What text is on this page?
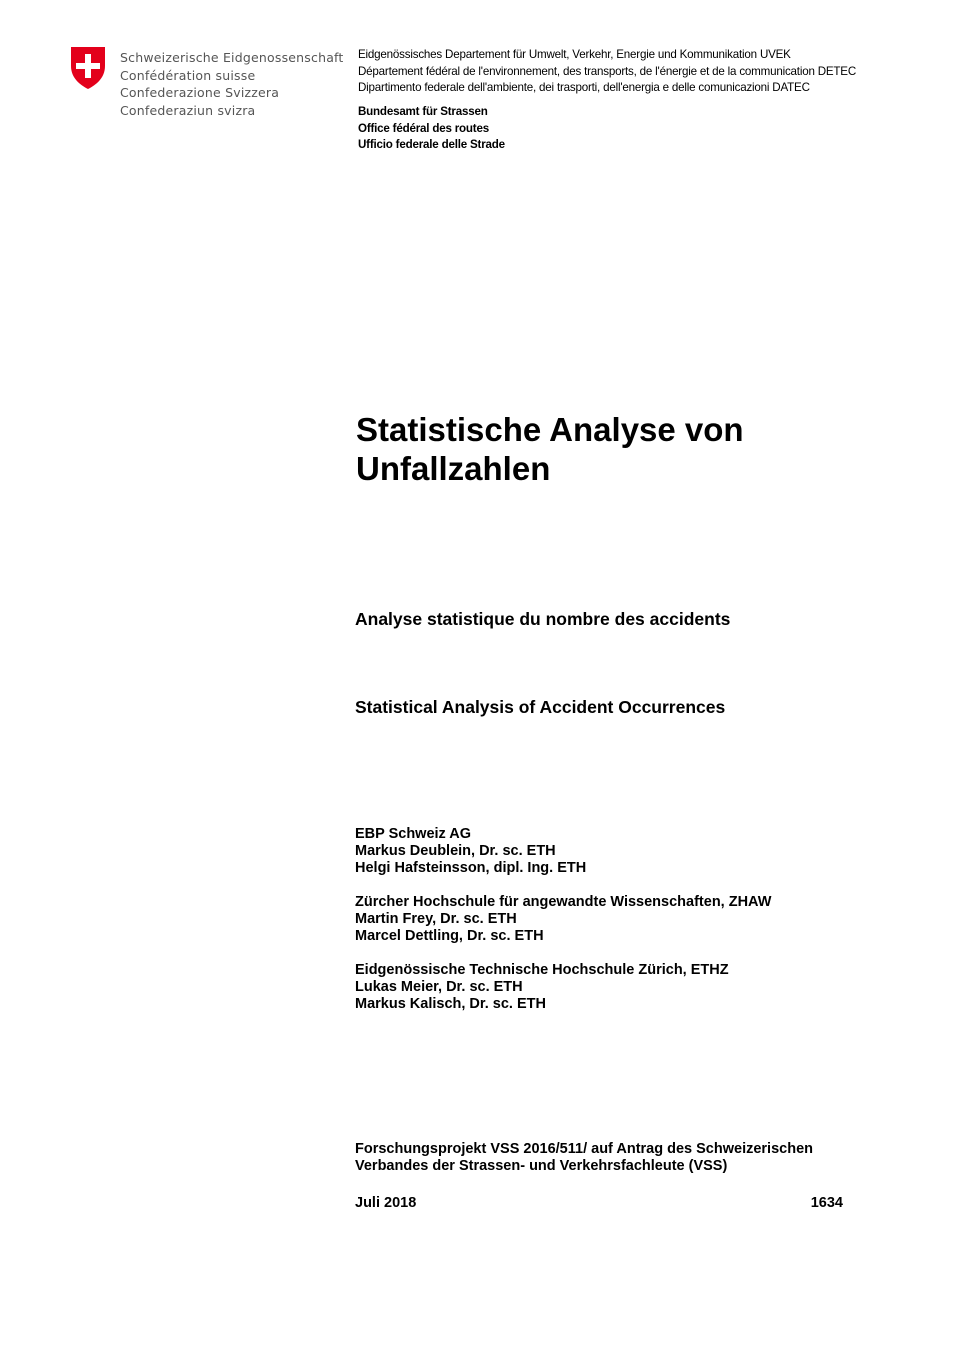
Schweizerische Eidgenossenschaft
Confédération suisse
Confederazione Svizzera
Confederaziun svizra
Eidgenössisches Departement für Umwelt, Verkehr, Energie und Kommunikation UVEK
Département fédéral de l'environnement, des transports, de l'énergie et de la communication DETEC
Dipartimento federale dell'ambiente, dei trasporti, dell'energia e delle comunicazioni DATEC
Bundesamt für Strassen
Office fédéral des routes
Ufficio federale delle Strade
Statistische Analyse von
Unfallzahlen
Analyse statistique du nombre des accidents
Statistical Analysis of Accident Occurrences
EBP Schweiz AG
Markus Deublein, Dr. sc. ETH
Helgi Hafsteinsson, dipl. Ing. ETH
Zürcher Hochschule für angewandte Wissenschaften, ZHAW
Martin Frey, Dr. sc. ETH
Marcel Dettling, Dr. sc. ETH
Eidgenössische Technische Hochschule Zürich, ETHZ
Lukas Meier, Dr. sc. ETH
Markus Kalisch, Dr. sc. ETH
Forschungsprojekt VSS 2016/511/ auf Antrag des Schweizerischen
Verbandes der Strassen- und Verkehrsfachleute (VSS)
Juli 2018	1634
